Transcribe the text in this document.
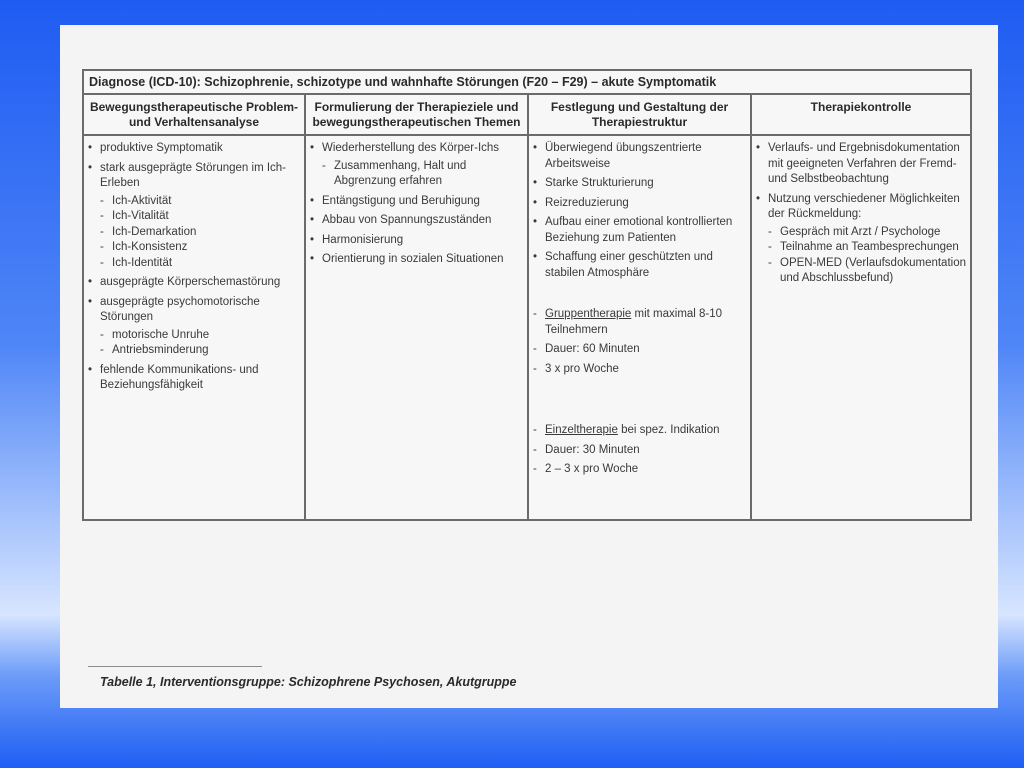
Diagnose (ICD-10): Schizophrenie, schizotype und wahnhafte Störungen (F20 – F29) – akute Symptomatik
Bewegungstherapeutische Problem-
und Verhaltensanalyse
Formulierung der Therapieziele und
bewegungstherapeutischen Themen
Festlegung und Gestaltung der
Therapiestruktur
Therapiekontrolle
• produktive Symptomatik
• stark ausgeprägte Störungen im Ich-Erleben
- Ich-Aktivität
- Ich-Vitalität
- Ich-Demarkation
- Ich-Konsistenz
- Ich-Identität
• ausgeprägte Körperschemastörung
• ausgeprägte psychomotorische Störungen
- motorische Unruhe
- Antriebsminderung
• fehlende Kommunikations- und Beziehungsfähigkeit
• Wiederherstellung des Körper-Ichs
- Zusammenhang, Halt und Abgrenzung erfahren
• Entängstigung und Beruhigung
• Abbau von Spannungszuständen
• Harmonisierung
• Orientierung in sozialen Situationen
• Überwiegend übungszentrierte Arbeitsweise
• Starke Strukturierung
• Reizreduzierung
• Aufbau einer emotional kontrollierten Beziehung zum Patienten
• Schaffung einer geschützten und stabilen Atmosphäre
- Gruppentherapie mit maximal 8-10 Teilnehmern
- Dauer: 60 Minuten
- 3 x pro Woche
- Einzeltherapie bei spez. Indikation
- Dauer: 30 Minuten
- 2 – 3 x pro Woche
• Verlaufs- und Ergebnisdokumentation mit geeigneten Verfahren der Fremd- und Selbstbeobachtung
• Nutzung verschiedener Möglichkeiten der Rückmeldung:
- Gespräch mit Arzt / Psychologe
- Teilnahme an Teambesprechungen
- OPEN-MED (Verlaufsdokumentation und Abschlussbefund)
Tabelle 1, Interventionsgruppe: Schizophrene Psychosen, Akutgruppe
